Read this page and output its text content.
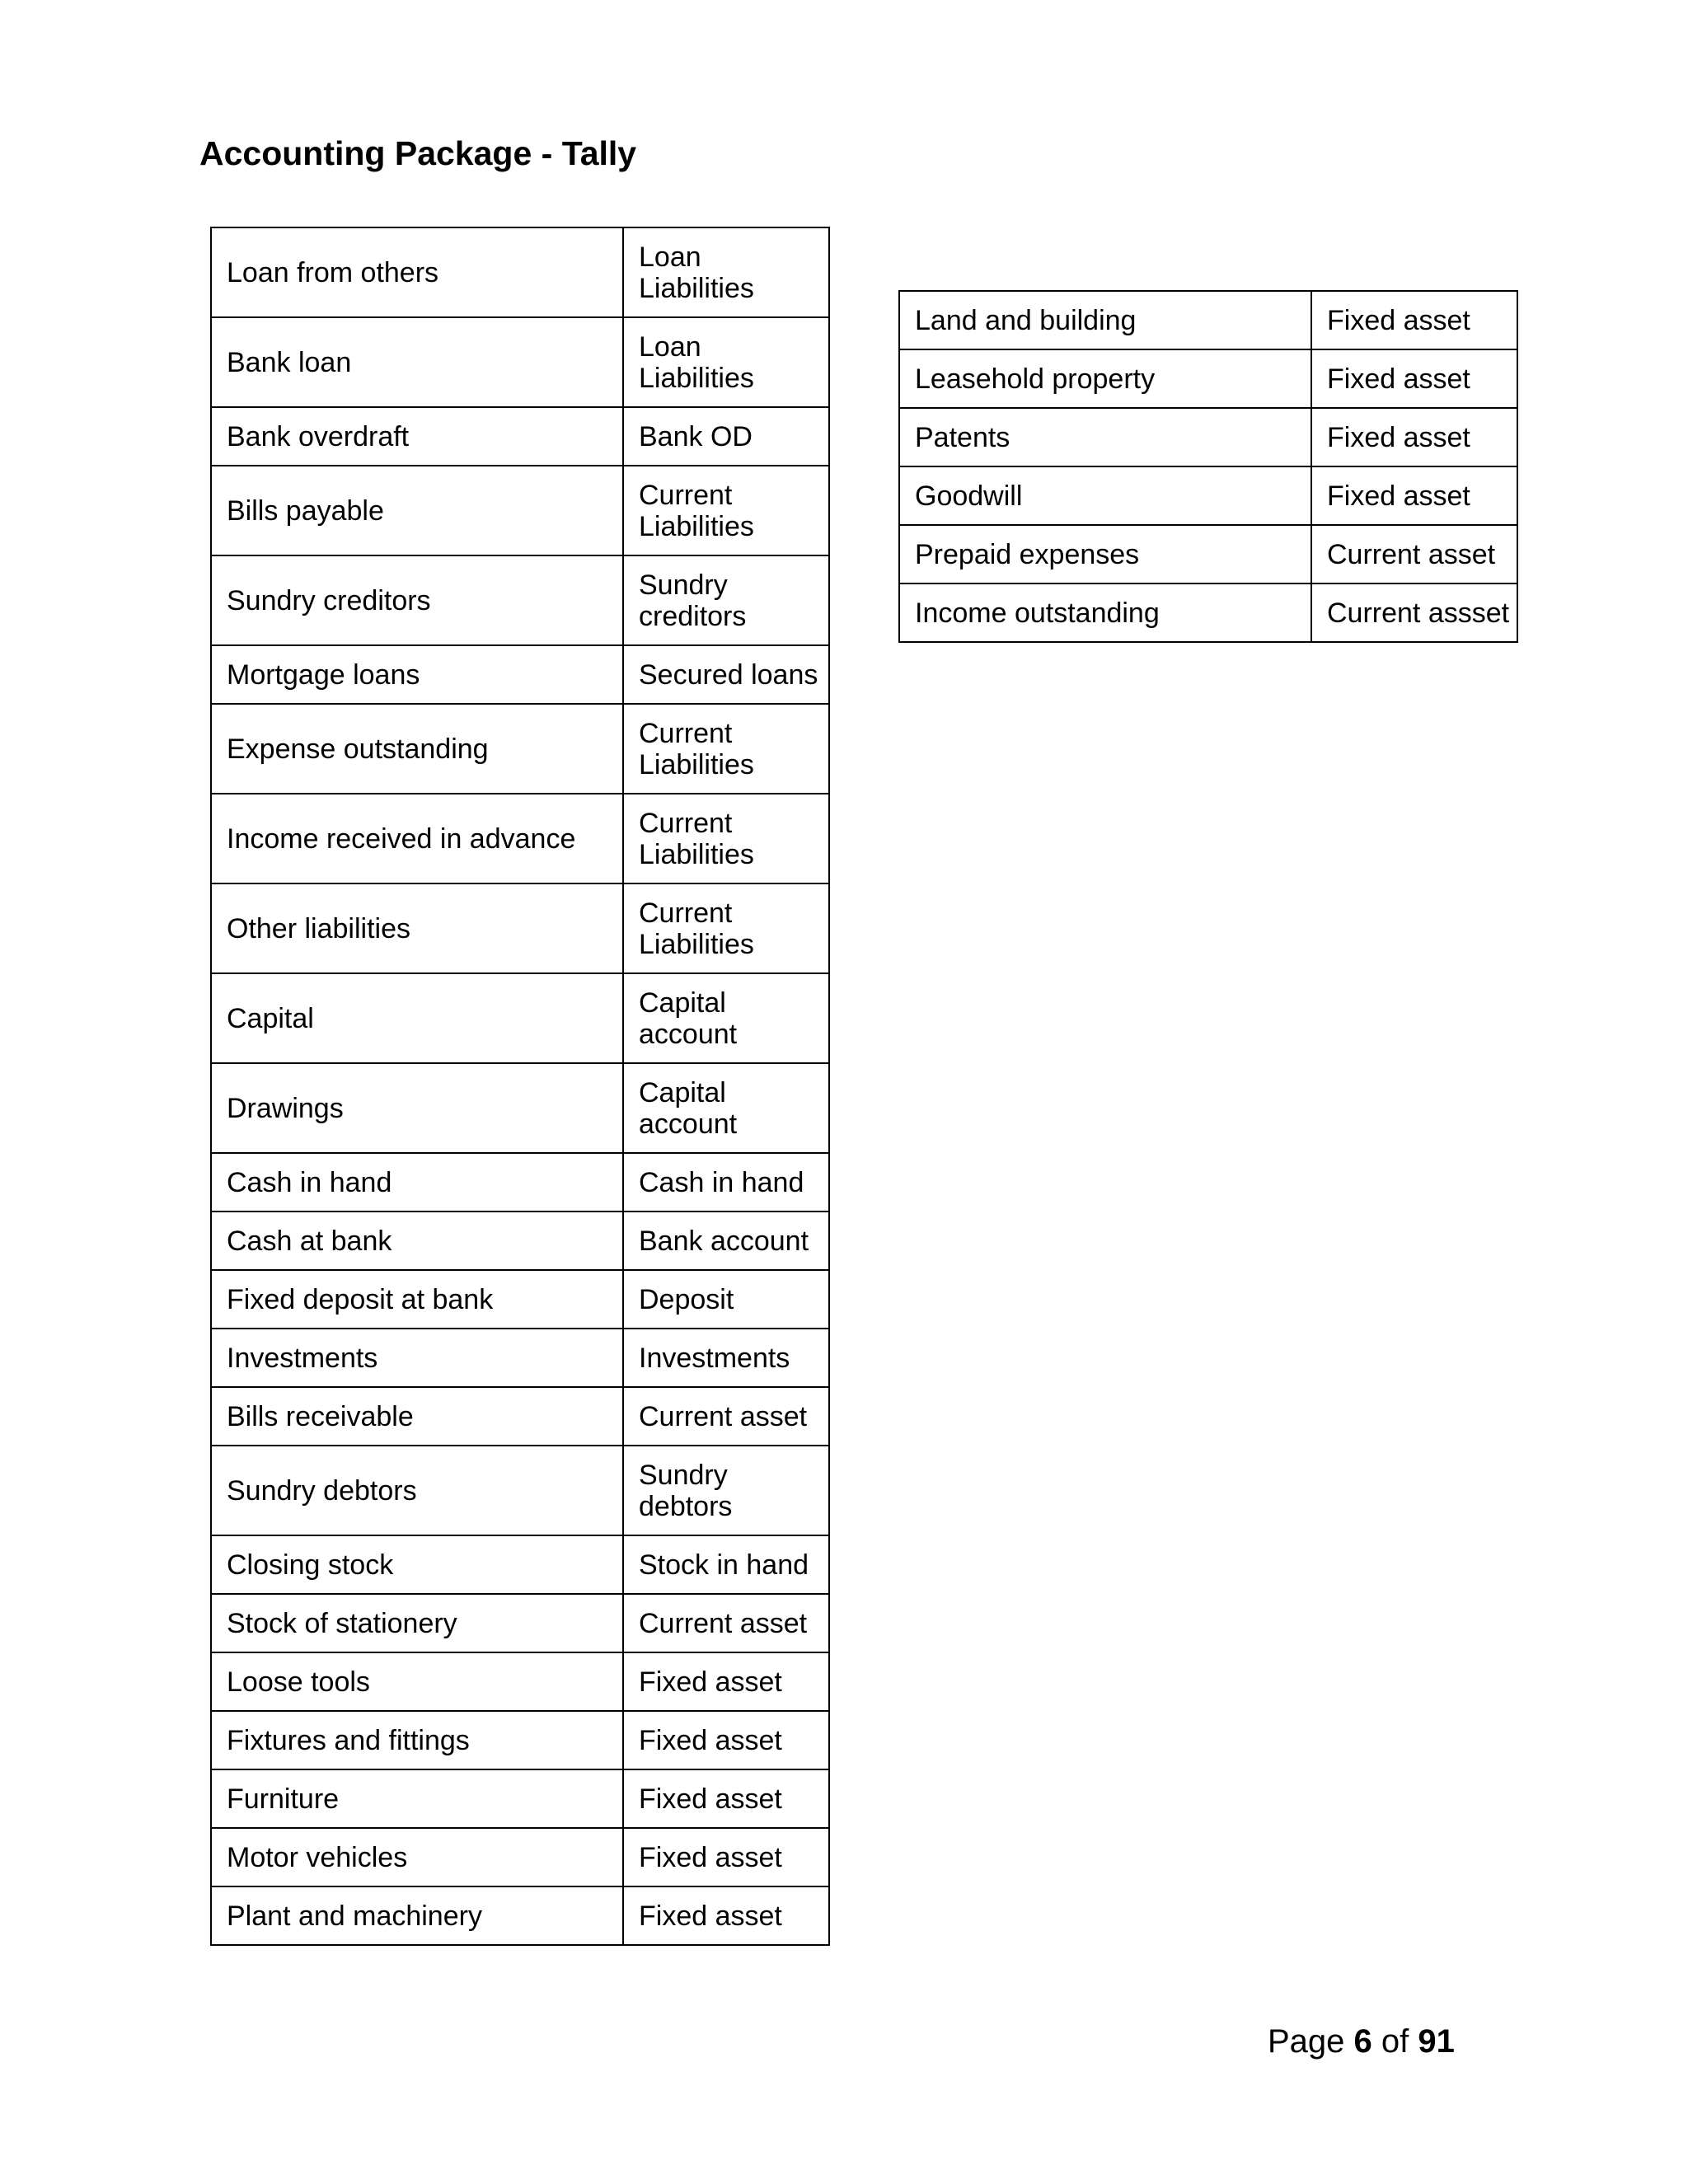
Accounting Package - Tally
Loan from others	Loan
Liabilities
Bank loan	Loan
Liabilities
Bank overdraft	Bank OD
Bills payable	Current
Liabilities
Sundry creditors	Sundry
creditors
Mortgage loans	Secured loans
Expense outstanding	Current
Liabilities
Income received in advance	Current
Liabilities
Other liabilities	Current
Liabilities
Capital	Capital
account
Drawings	Capital
account
Cash in hand	Cash in hand
Cash at bank	Bank account
Fixed deposit at bank	Deposit
Investments	Investments
Bills receivable	Current asset
Sundry debtors	Sundry
debtors
Closing stock	Stock in hand
Stock of stationery	Current asset
Loose tools	Fixed asset
Fixtures and fittings	Fixed asset
Furniture	Fixed asset
Motor vehicles	Fixed asset
Plant and machinery	Fixed asset
Land and building	Fixed asset
Leasehold property	Fixed asset
Patents	Fixed asset
Goodwill	Fixed asset
Prepaid expenses	Current asset
Income outstanding	Current assset
Page 6 of 91
